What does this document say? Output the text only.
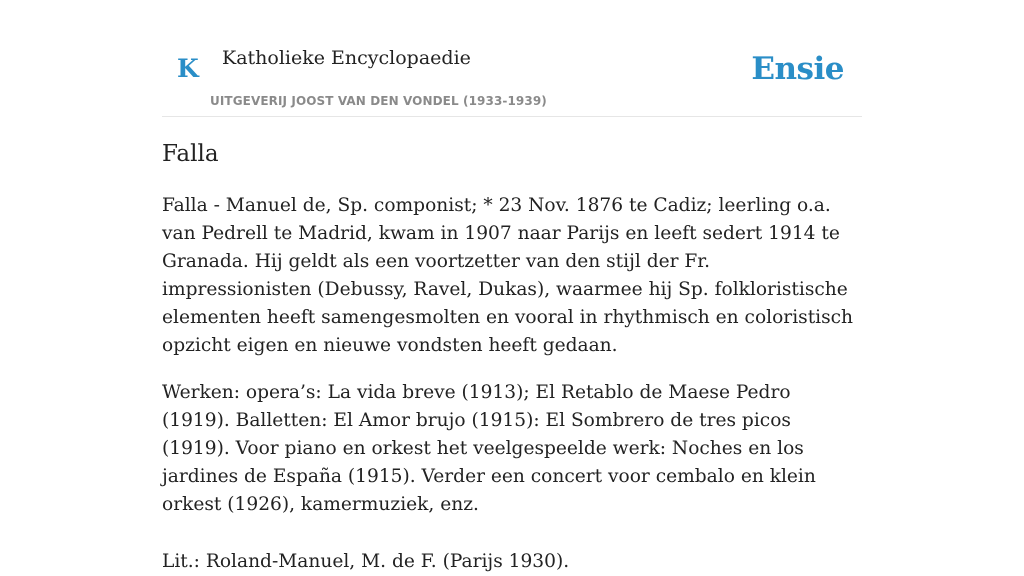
K Katholieke Encyclopaedie
UITGEVERIJ JOOST VAN DEN VONDEL (1933-1939)
Ensie
Falla

Falla - Manuel de, Sp. componist; * 23 Nov. 1876 te Cadiz; leerling o.a. van Pedrell te Madrid, kwam in 1907 naar Parijs en leeft sedert 1914 te Granada. Hij geldt als een voortzetter van den stijl der Fr. impressionisten (Debussy, Ravel, Dukas), waarmee hij Sp. folkloristische elementen heeft samengesmolten en vooral in rhythmisch en coloristisch opzicht eigen en nieuwe vondsten heeft gedaan.

Werken: opera’s: La vida breve (1913); El Retablo de Maese Pedro (1919). Balletten: El Amor brujo (1915): El Sombrero de tres picos (1919). Voor piano en orkest het veelgespeelde werk: Noches en los jardines de España (1915). Verder een concert voor cembalo en klein orkest (1926), kamermuziek, enz.

Lit.: Roland-Manuel, M. de F. (Parijs 1930).
